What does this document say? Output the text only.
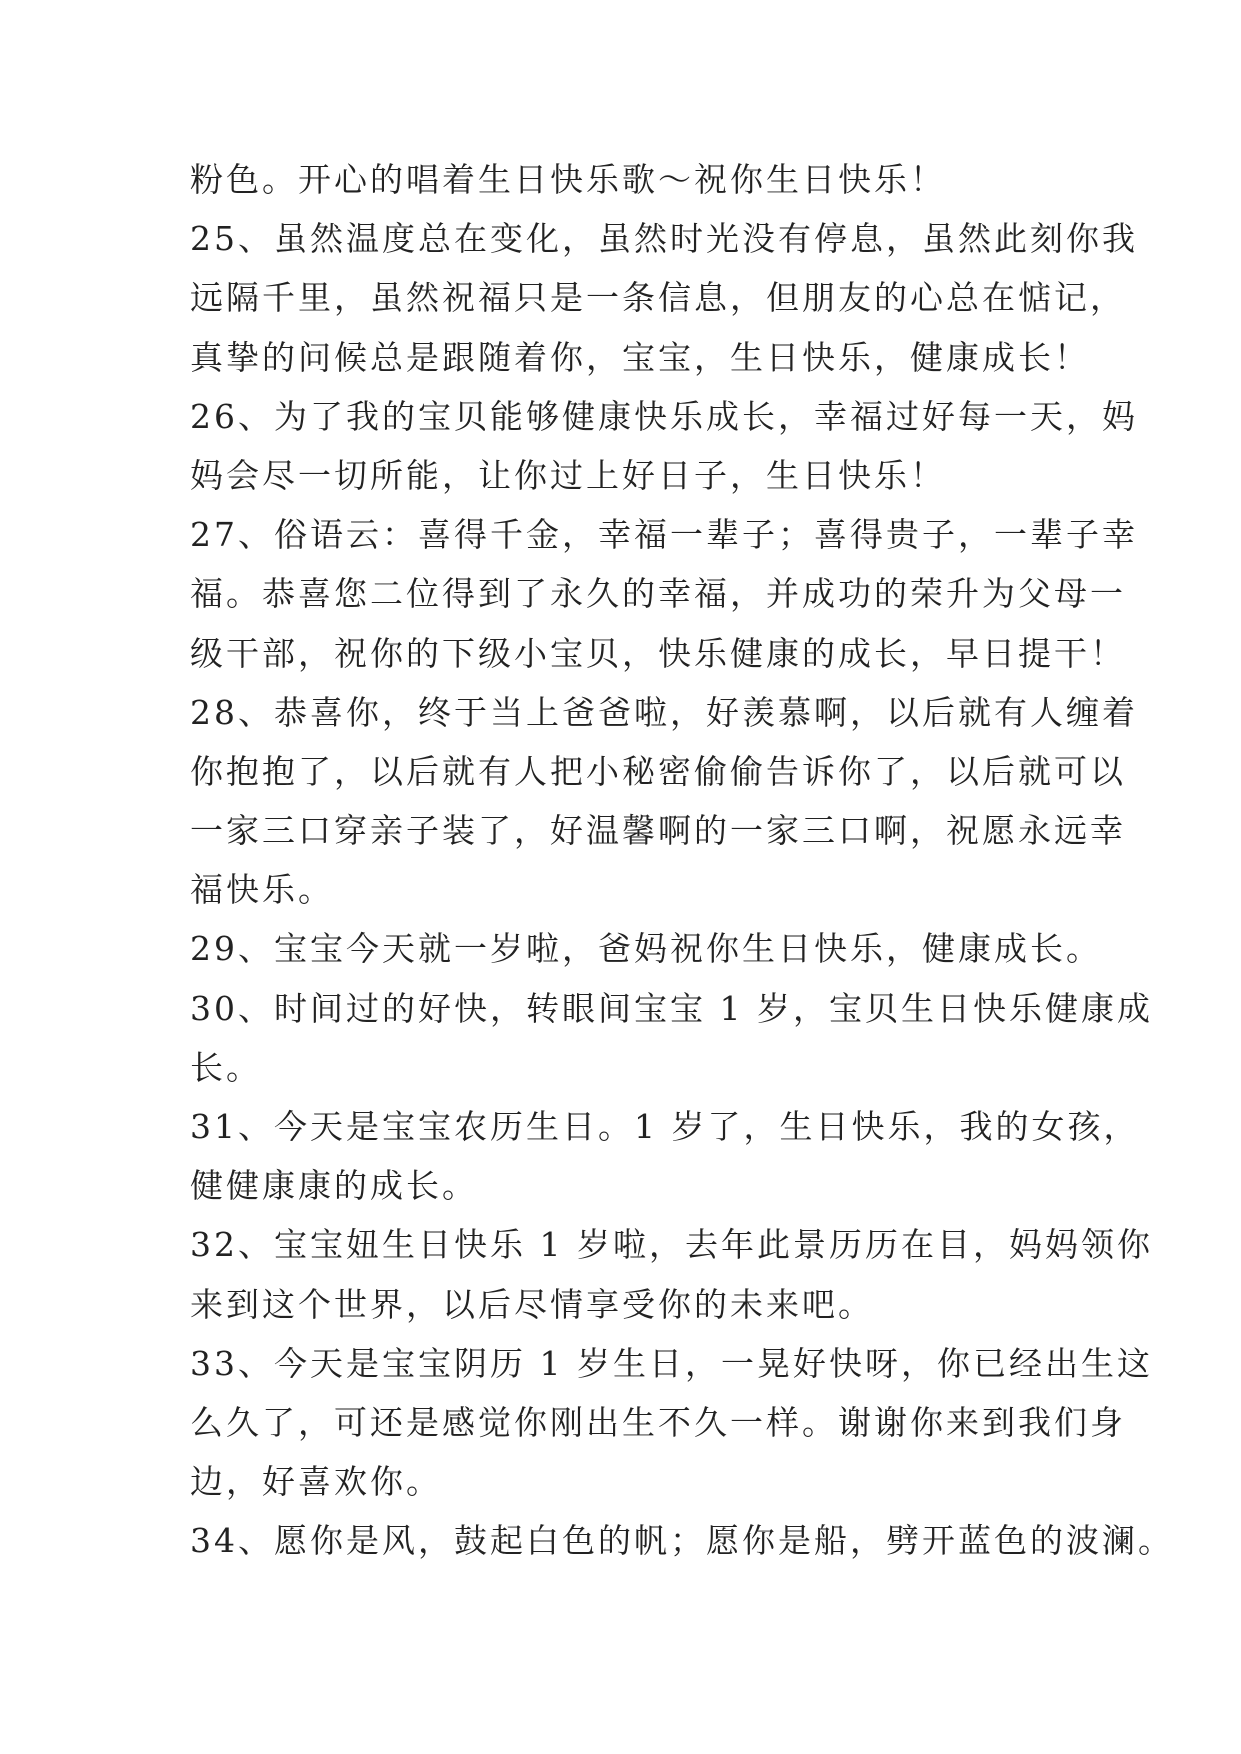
粉色。开心的唱着生日快乐歌～祝你生日快乐！
25、虽然温度总在变化，虽然时光没有停息，虽然此刻你我
远隔千里，虽然祝福只是一条信息，但朋友的心总在惦记，
真挚的问候总是跟随着你，宝宝，生日快乐，健康成长！
26、为了我的宝贝能够健康快乐成长，幸福过好每一天，妈
妈会尽一切所能，让你过上好日子，生日快乐！
27、俗语云：喜得千金，幸福一辈子；喜得贵子，一辈子幸
福。恭喜您二位得到了永久的幸福，并成功的荣升为父母一
级干部，祝你的下级小宝贝，快乐健康的成长，早日提干！
28、恭喜你，终于当上爸爸啦，好羡慕啊，以后就有人缠着
你抱抱了，以后就有人把小秘密偷偷告诉你了，以后就可以
一家三口穿亲子装了，好温馨啊的一家三口啊，祝愿永远幸
福快乐。
29、宝宝今天就一岁啦，爸妈祝你生日快乐，健康成长。
30、时间过的好快，转眼间宝宝 1 岁，宝贝生日快乐健康成
长。
31、今天是宝宝农历生日。1 岁了，生日快乐，我的女孩，
健健康康的成长。
32、宝宝妞生日快乐 1 岁啦，去年此景历历在目，妈妈领你
来到这个世界，以后尽情享受你的未来吧。
33、今天是宝宝阴历 1 岁生日，一晃好快呀，你已经出生这
么久了，可还是感觉你刚出生不久一样。谢谢你来到我们身
边，好喜欢你。
34、愿你是风，鼓起白色的帆；愿你是船，劈开蓝色的波澜。
